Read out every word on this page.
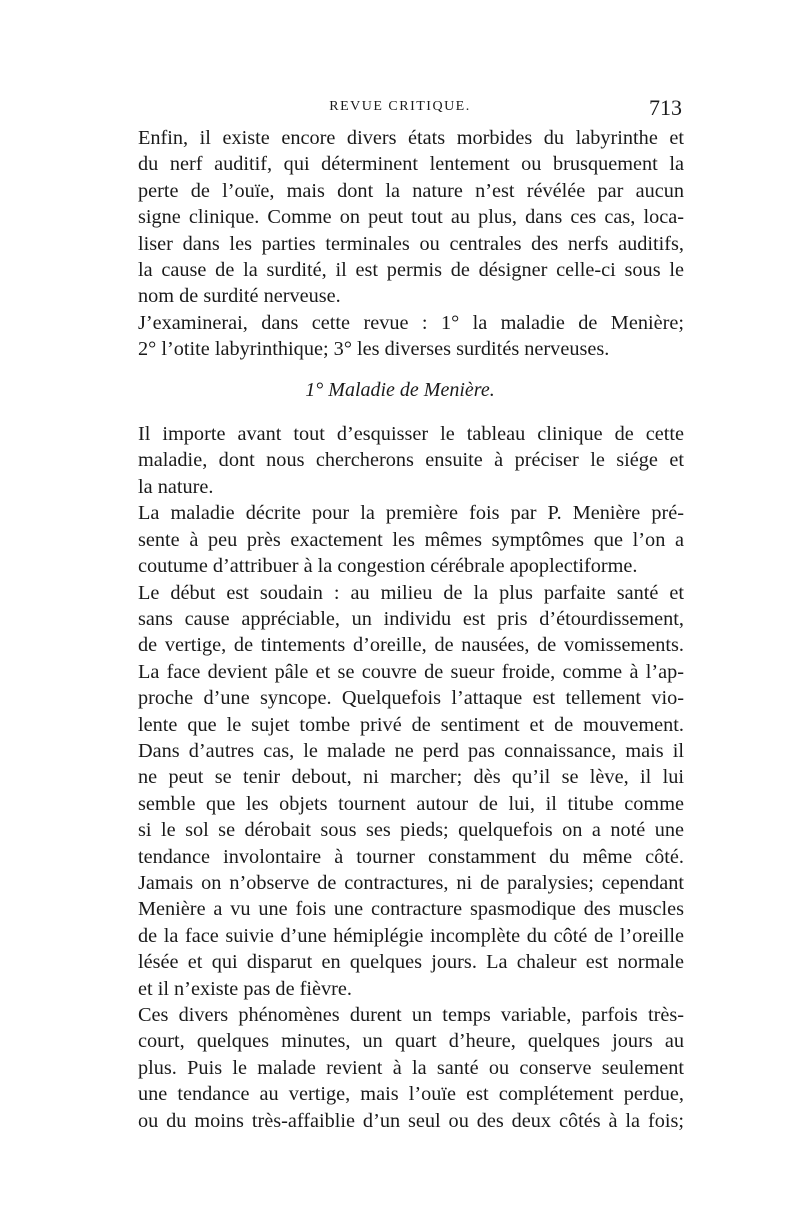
REVUE CRITIQUE.	713

Enfin, il existe encore divers états morbides du labyrinthe et
du nerf auditif, qui déterminent lentement ou brusquement la
perte de l’ouïe, mais dont la nature n’est révélée par aucun
signe clinique. Comme on peut tout au plus, dans ces cas, loca-
liser dans les parties terminales ou centrales des nerfs auditifs,
la cause de la surdité, il est permis de désigner celle-ci sous le
nom de surdité nerveuse.

J’examinerai, dans cette revue : 1° la maladie de Menière;
2° l’otite labyrinthique; 3° les diverses surdités nerveuses.

1° Maladie de Menière.

Il importe avant tout d’esquisser le tableau clinique de cette
maladie, dont nous chercherons ensuite à préciser le siége et
la nature.

La maladie décrite pour la première fois par P. Menière pré-
sente à peu près exactement les mêmes symptômes que l’on a
coutume d’attribuer à la congestion cérébrale apoplectiforme.

Le début est soudain : au milieu de la plus parfaite santé et
sans cause appréciable, un individu est pris d’étourdissement,
de vertige, de tintements d’oreille, de nausées, de vomissements.
La face devient pâle et se couvre de sueur froide, comme à l’ap-
proche d’une syncope. Quelquefois l’attaque est tellement vio-
lente que le sujet tombe privé de sentiment et de mouvement.
Dans d’autres cas, le malade ne perd pas connaissance, mais il
ne peut se tenir debout, ni marcher; dès qu’il se lève, il lui
semble que les objets tournent autour de lui, il titube comme
si le sol se dérobait sous ses pieds; quelquefois on a noté une
tendance involontaire à tourner constamment du même côté.
Jamais on n’observe de contractures, ni de paralysies; cependant
Menière a vu une fois une contracture spasmodique des muscles
de la face suivie d’une hémiplégie incomplète du côté de l’oreille
lésée et qui disparut en quelques jours. La chaleur est normale
et il n’existe pas de fièvre.

Ces divers phénomènes durent un temps variable, parfois très-
court, quelques minutes, un quart d’heure, quelques jours au
plus. Puis le malade revient à la santé ou conserve seulement
une tendance au vertige, mais l’ouïe est complétement perdue,
ou du moins très-affaiblie d’un seul ou des deux côtés à la fois;
